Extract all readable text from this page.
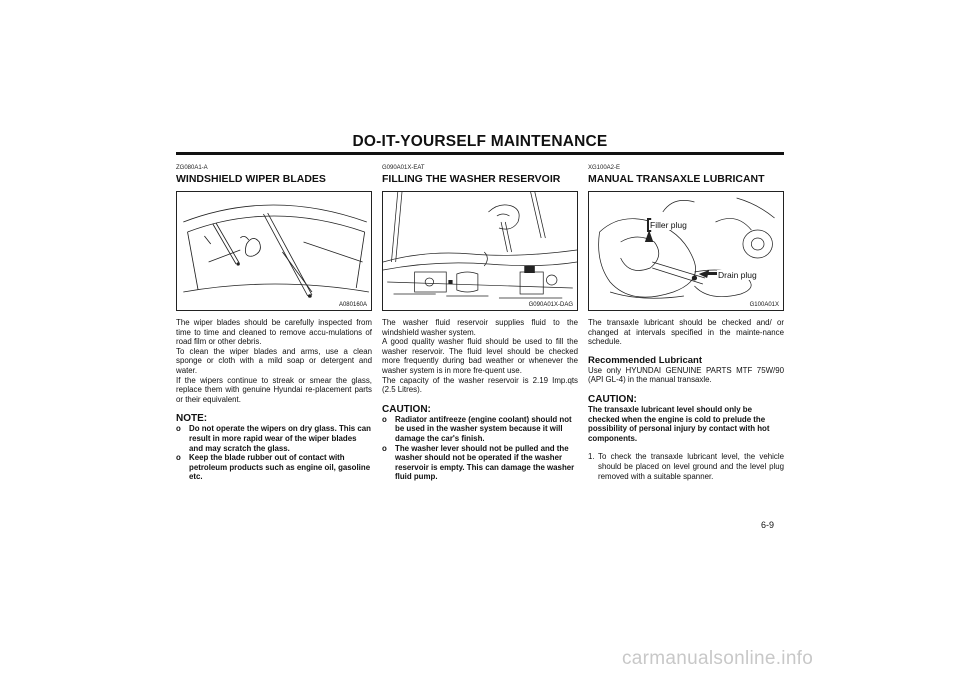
DO-IT-YOURSELF MAINTENANCE
ZG080A1-A
WINDSHIELD WIPER BLADES
A080160A

The wiper blades should be carefully inspected from time to time and cleaned to remove accu-mulations of road film or other debris.

To clean the wiper blades and arms, use a clean sponge or cloth with a mild soap or detergent and water.

If the wipers continue to streak or smear the glass, replace them with genuine Hyundai re-placement parts or their equivalent.

NOTE:
o Do not operate the wipers on dry glass. This can result in more rapid wear of the wiper blades and may scratch the glass.
o Keep the blade rubber out of contact with petroleum products such as engine oil, gasoline etc.
G090A01X-EAT
FILLING THE WASHER RESERVOIR
G090A01X-DAG

The washer fluid reservoir supplies fluid to the windshield washer system.

A good quality washer fluid should be used to fill the washer reservoir. The fluid level should be checked more frequently during bad weather or whenever the washer system is in more fre-quent use.

The capacity of the washer reservoir is 2.19 Imp.qts (2.5 Litres).

CAUTION:
o Radiator antifreeze (engine coolant) should not be used in the washer system because it will damage the car's finish.
o The washer lever should not be pulled and the washer should not be operated if the washer reservoir is empty. This can damage the washer fluid pump.
XG100A2-E
MANUAL TRANSAXLE LUBRICANT
Filler plug
Drain plug
G100A01X
The transaxle lubricant should be checked and/ or changed at intervals specified in the mainte-nance schedule.
Recommended Lubricant
Use only HYUNDAI GENUINE PARTS MTF 75W/90 (API GL-4) in the manual transaxle.
CAUTION:
The transaxle lubricant level should only be checked when the engine is cold to prelude the possibility of personal injury by contact with hot components.
1. To check the transaxle lubricant level, the vehicle should be placed on level ground and the level plug removed with a suitable spanner.
6-9
carmanualsonline.info
